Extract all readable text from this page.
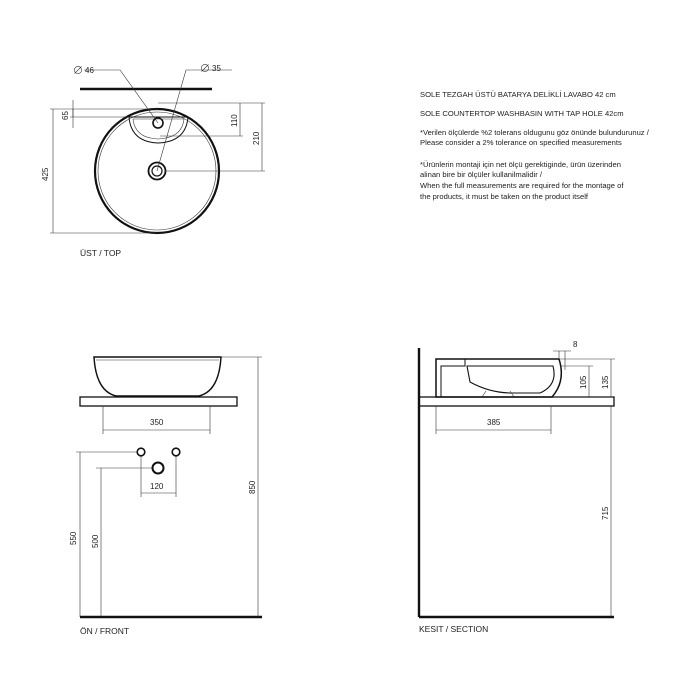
46	35
425
65	110
210
ÜST / TOP
SOLE TEZGAH ÜSTÜ BATARYA DELİKLİ LAVABO 42 cm
SOLE COUNTERTOP WASHBASIN WITH TAP HOLE 42cm
*Verilen ölçülerde %2 tolerans oldugunu göz önünde bulundurunuz /
Please consider a 2% tolerance on specified measurements
*Ürünlerin montaji için net ölçü gerektiginde, ürün üzerinden
alinan bire bir ölçüler kullanilmalidir /
When the full measurements are required for the montage of
the products, it must be taken on the product itself
350
120
550 500
850
ÖN / FRONT
8
105 135
385
715
KESIT / SECTION
